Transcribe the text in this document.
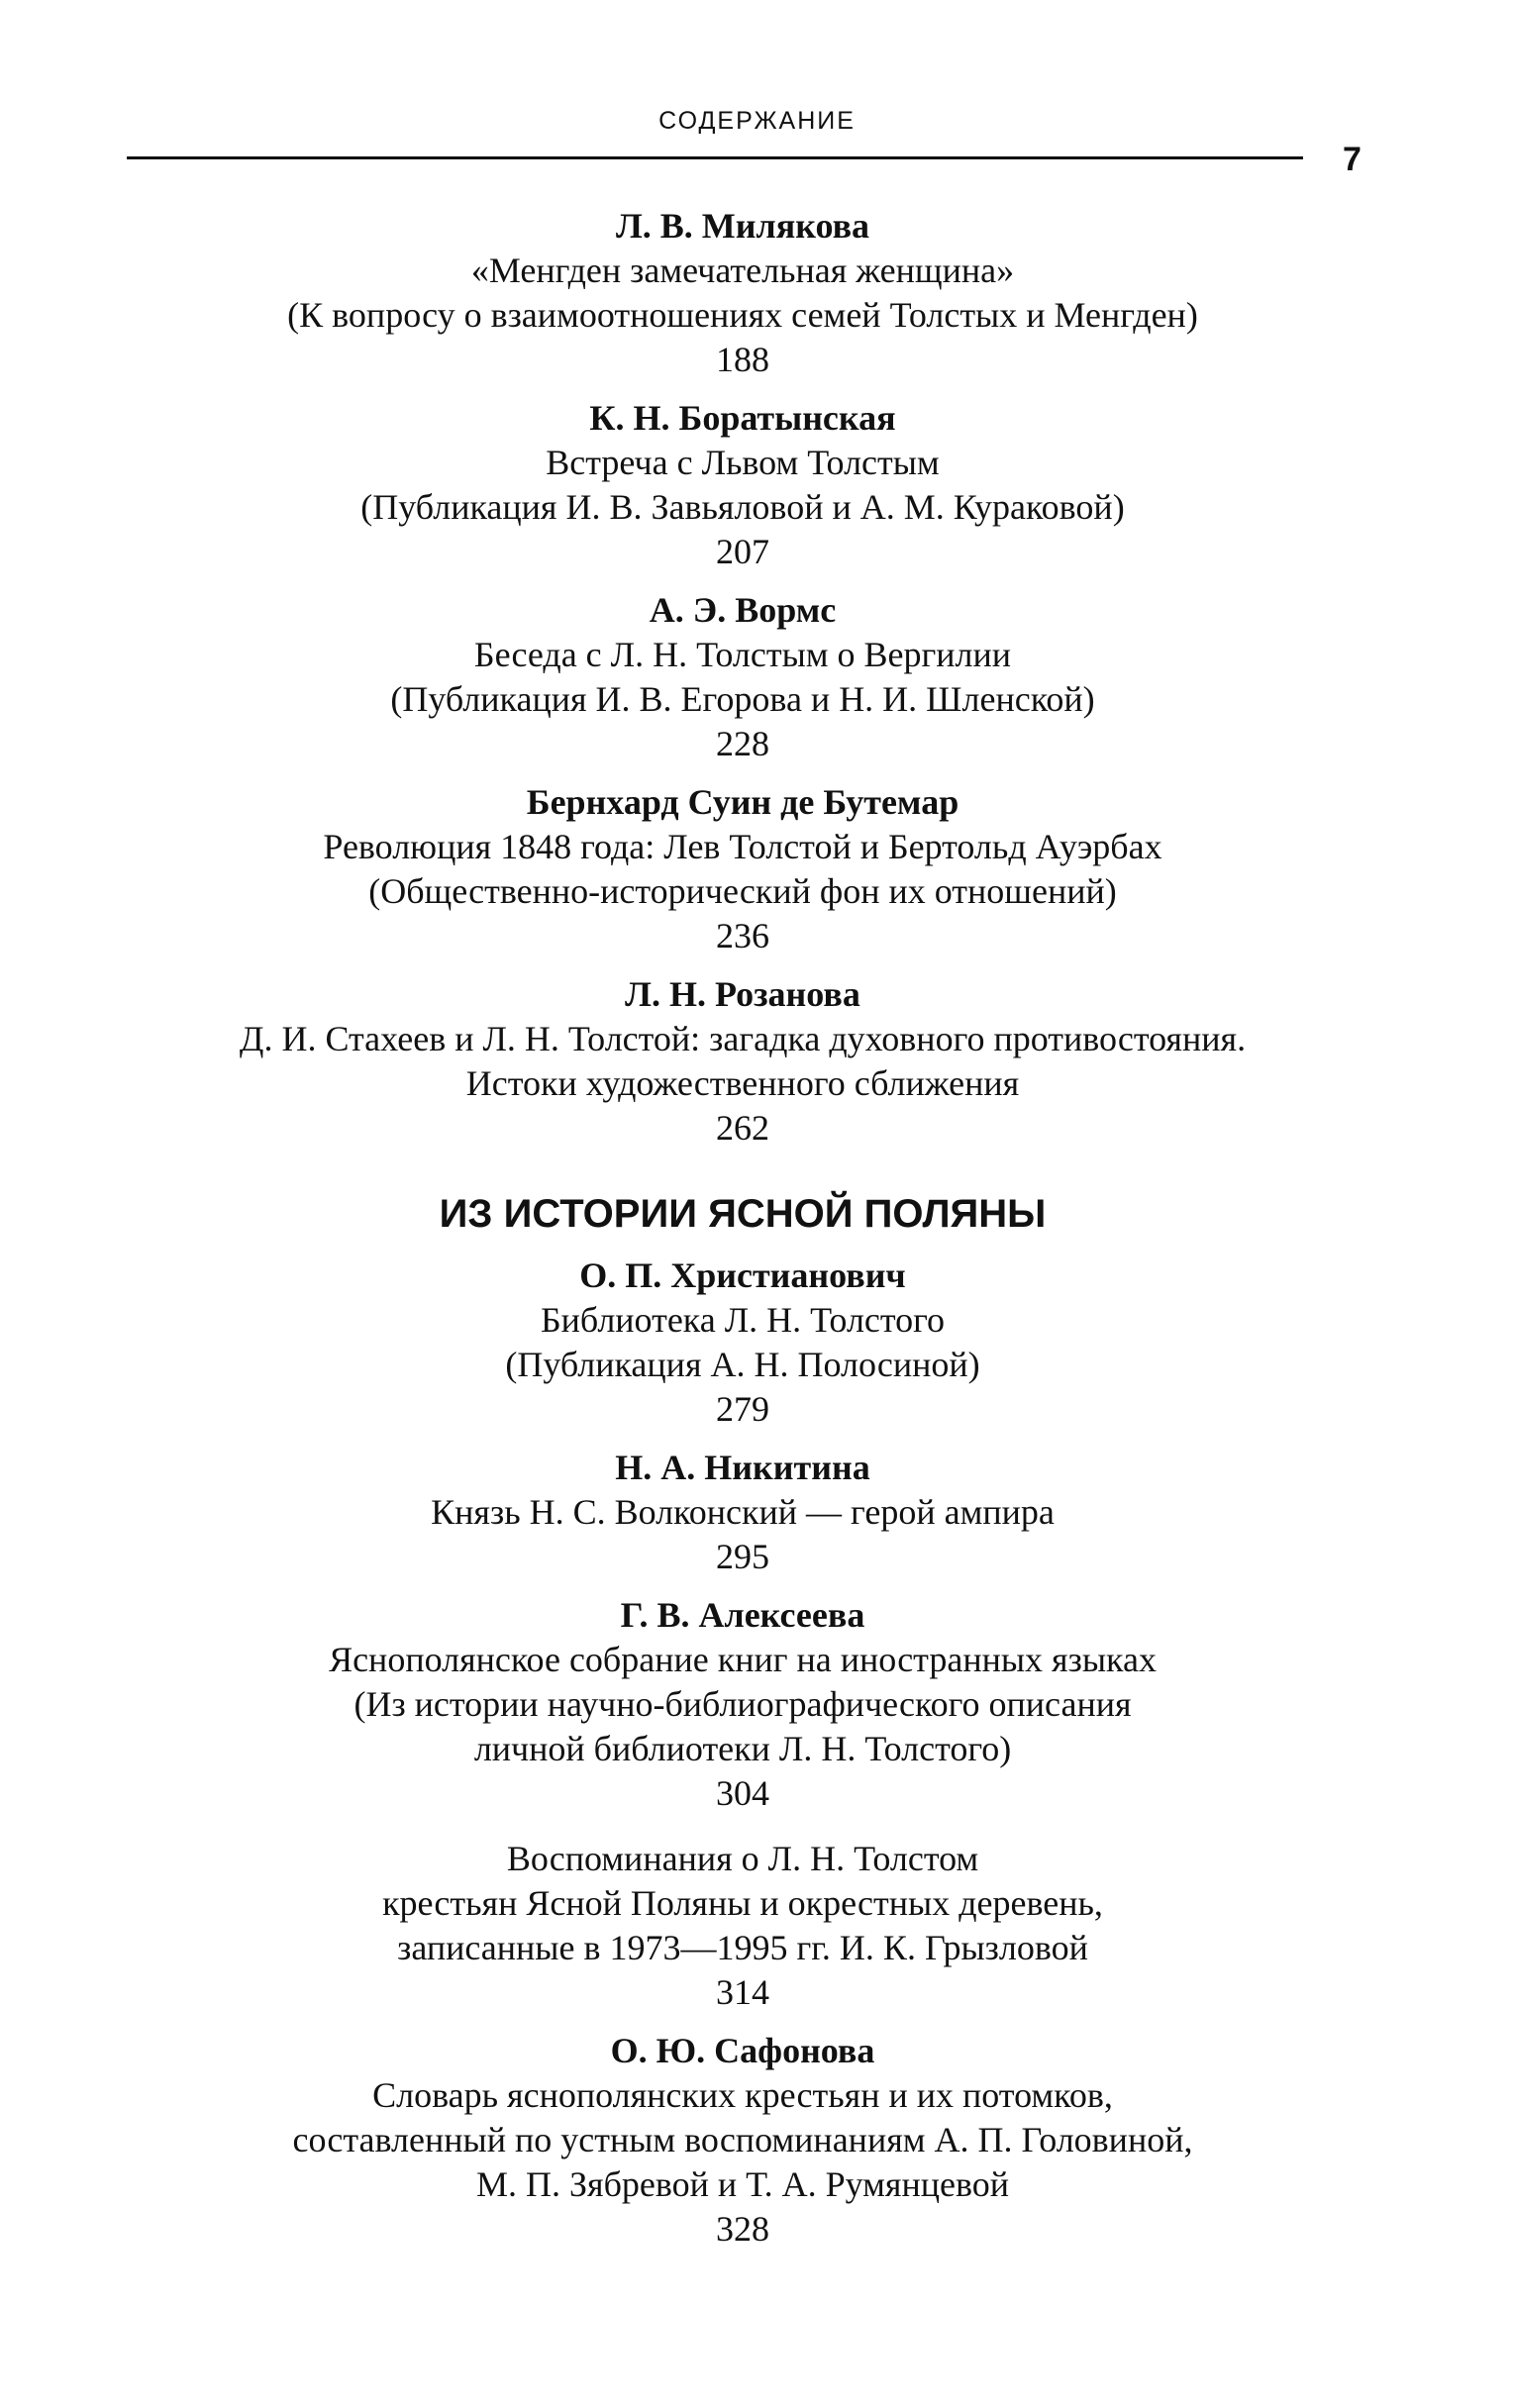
СОДЕРЖАНИЕ
7
Л. В. Милякова
«Менгден замечательная женщина»
(К вопросу о взаимоотношениях семей Толстых и Менгден)
188
К. Н. Боратынская
Встреча с Львом Толстым
(Публикация И. В. Завьяловой и А. М. Кураковой)
207
А. Э. Вормс
Беседа с Л. Н. Толстым о Вергилии
(Публикация И. В. Егорова и Н. И. Шленской)
228
Бернхард Суин де Бутемар
Революция 1848 года: Лев Толстой и Бертольд Ауэрбах
(Общественно-исторический фон их отношений)
236
Л. Н. Розанова
Д. И. Стахеев и Л. Н. Толстой: загадка духовного противостояния.
Истоки художественного сближения
262
ИЗ ИСТОРИИ ЯСНОЙ ПОЛЯНЫ
О. П. Христианович
Библиотека Л. Н. Толстого
(Публикация А. Н. Полосиной)
279
Н. А. Никитина
Князь Н. С. Волконский — герой ампира
295
Г. В. Алексеева
Яснополянское собрание книг на иностранных языках
(Из истории научно-библиографического описания
личной библиотеки Л. Н. Толстого)
304
Воспоминания о Л. Н. Толстом
крестьян Ясной Поляны и окрестных деревень,
записанные в 1973—1995 гг. И. К. Грызловой
314
О. Ю. Сафонова
Словарь яснополянских крестьян и их потомков,
составленный по устным воспоминаниям А. П. Головиной,
М. П. Зябревой и Т. А. Румянцевой
328
